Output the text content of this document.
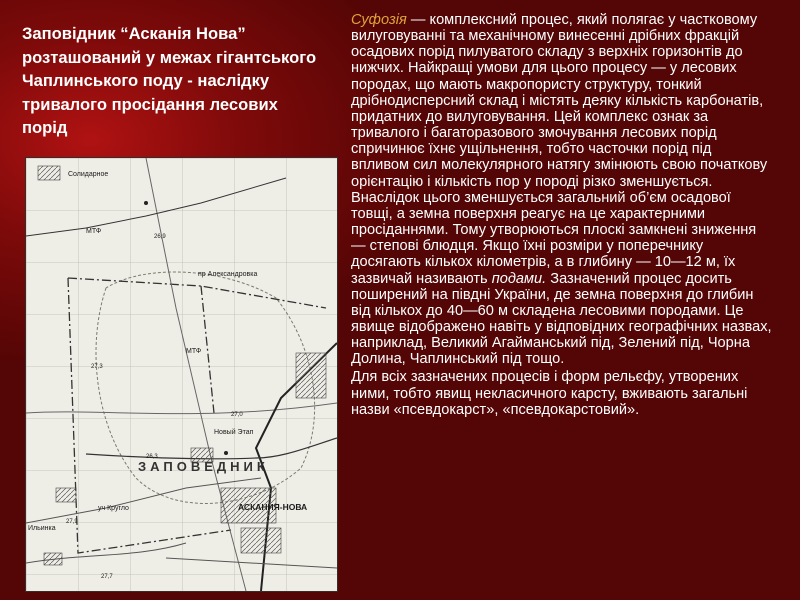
Заповідник “Асканія Нова” розташований у межах гігантського Чаплинського поду - наслідку тривалого просідання лесових порід
Солидарное
МТФ
пр Александровка
МТФ
Новый Этап
ЗАПОВЕДНИК
уч Кругло	АСКАНИЯ-НОВА
Ильинка
26,9
27,3
27,0
26,3
27,9
27,7

Суфозія — комплексний процес, який полягає у частковому вилуговуванні та механічному винесенні дрібних фракцій осадових порід пилуватого складу з верхніх горизонтів до нижчих. Найкращі умови для цього процесу — у лесових породах, що мають макропористу структуру, тонкий дрібнодисперсний склад і містять деяку кількість карбонатів, придатних до вилуговування. Цей комплекс ознак за тривалого і багаторазового змочування лесових порід спричинює їхнє ущільнення, тобто часточки порід під впливом сил молекулярного натягу змінюють свою початкову орієнтацію і кількість пор у породі різко зменшується. Внаслідок цього зменшується загальний об’єм осадової товщі, а земна поверхня реагує на це характерними просіданнями. Тому утворюються плоскі замкнені зниження — степові блюдця. Якщо їхні розміри у поперечнику досягають кількох кілометрів, а в глибину — 10—12 м, їх зазвичай називають подами. Зазначений процес досить поширений на півдні України, де земна поверхня до глибин від кількох до 40—60 м складена лесовими породами. Це явище відображено навіть у відповідних географічних назвах, наприклад, Великий Агайманський під, Зелений під, Чорна Долина, Чаплинський під тощо.

Для всіх зазначених процесів і форм рельєфу, утворених ними, тобто явищ некласичного карсту, вживають загальні назви «псевдокарст», «псевдокарстовий».
